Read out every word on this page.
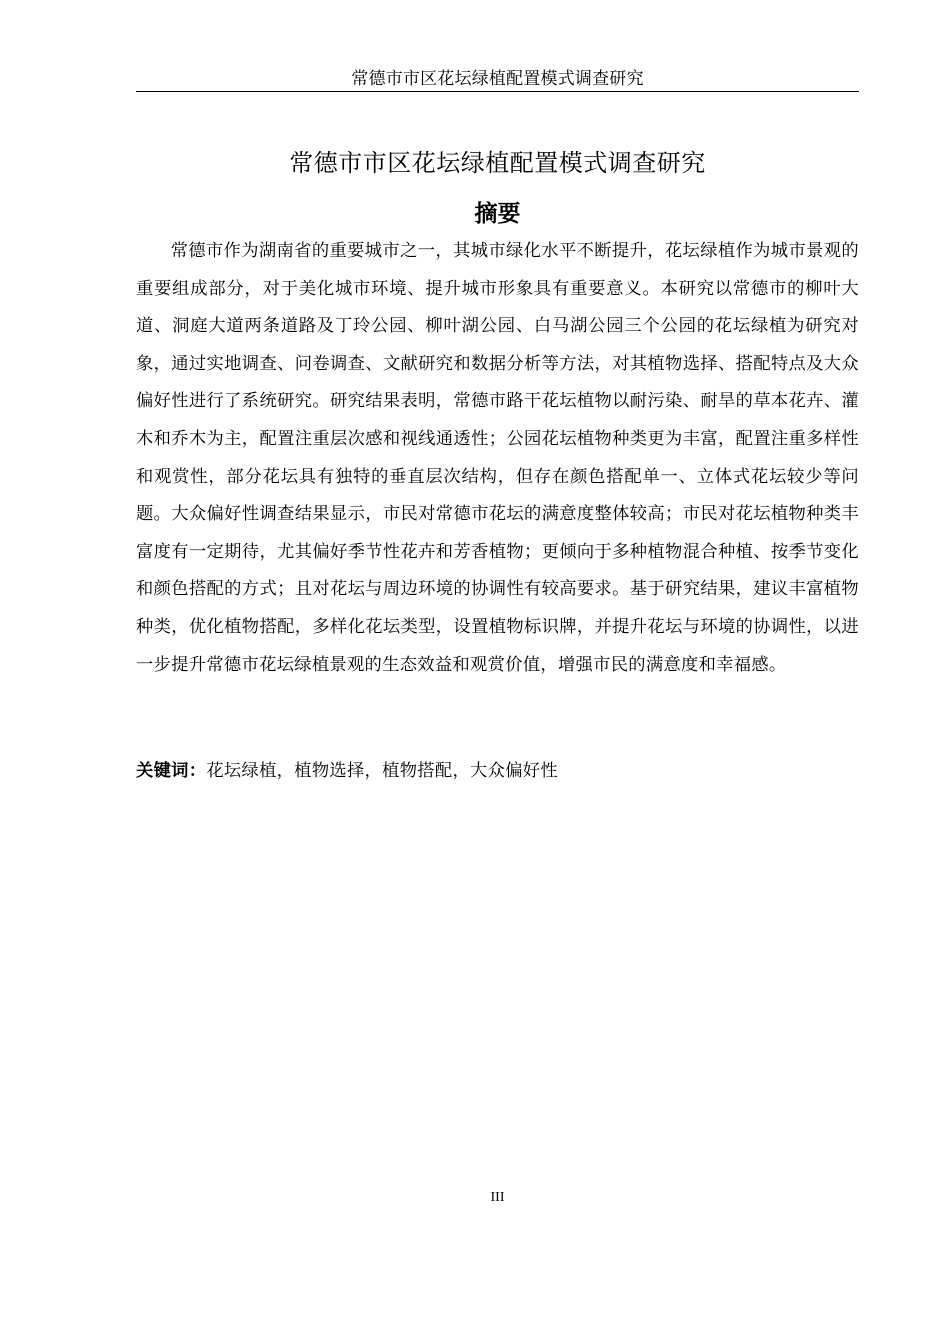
常德市市区花坛绿植配置模式调查研究
常德市市区花坛绿植配置模式调查研究
摘要

常德市作为湖南省的重要城市之一，其城市绿化水平不断提升，花坛绿植作为城市景观的重要组成部分，对于美化城市环境、提升城市形象具有重要意义。本研究以常德市的柳叶大道、洞庭大道两条道路及丁玲公园、柳叶湖公园、白马湖公园三个公园的花坛绿植为研究对象，通过实地调查、问卷调查、文献研究和数据分析等方法，对其植物选择、搭配特点及大众偏好性进行了系统研究。研究结果表明，常德市路干花坛植物以耐污染、耐旱的草本花卉、灌木和乔木为主，配置注重层次感和视线通透性；公园花坛植物种类更为丰富，配置注重多样性和观赏性，部分花坛具有独特的垂直层次结构，但存在颜色搭配单一、立体式花坛较少等问题。大众偏好性调查结果显示，市民对常德市花坛的满意度整体较高；市民对花坛植物种类丰富度有一定期待，尤其偏好季节性花卉和芳香植物；更倾向于多种植物混合种植、按季节变化和颜色搭配的方式；且对花坛与周边环境的协调性有较高要求。基于研究结果，建议丰富植物种类，优化植物搭配，多样化花坛类型，设置植物标识牌，并提升花坛与环境的协调性，以进一步提升常德市花坛绿植景观的生态效益和观赏价值，增强市民的满意度和幸福感。

关键词：花坛绿植，植物选择，植物搭配，大众偏好性
III
